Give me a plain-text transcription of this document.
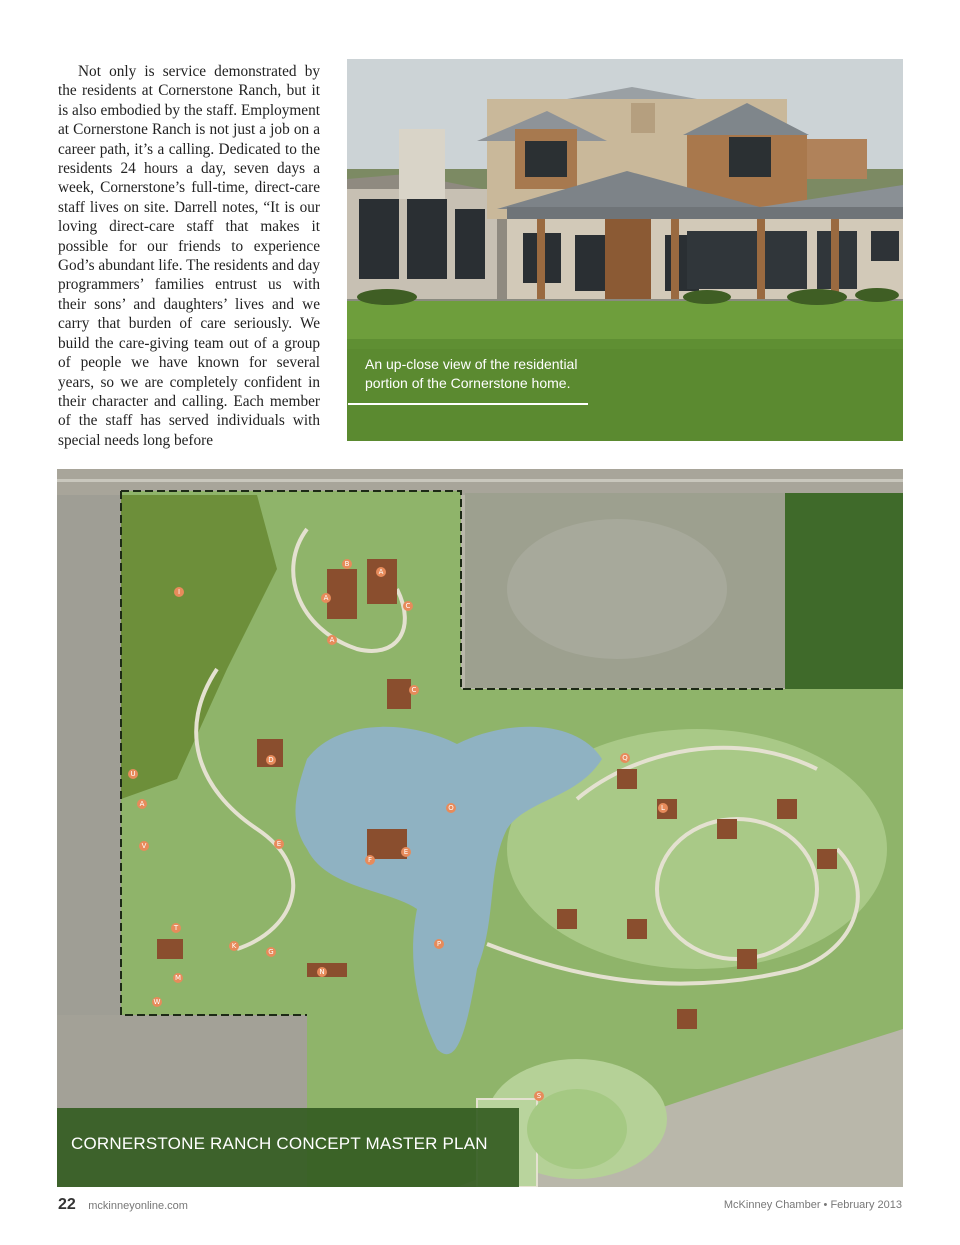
Not only is service demonstrated by the residents at Cornerstone Ranch, but it is also embodied by the staff. Employment at Cornerstone Ranch is not just a job on a career path, it’s a calling. Dedicated to the residents 24 hours a day, seven days a week, Cornerstone’s full-time, direct-care staff lives on site. Darrell notes, “It is our loving direct-care staff that makes it possible for our friends to experience God’s abundant life. The residents and day programmers’ families entrust us with their sons’ and daughters’ lives and we carry that burden of care seriously. We build the care-giving team out of a group of people we have known for several years, so we are completely confident in their character and calling. Each member of the staff has served individuals with special needs long before

An up-close view of the residential portion of the Cornerstone home.
I
B
A
A
C
C
A
D
U
A
V
O
E
F
E
P
T
K
N
G
M
W
Q
L
S
CORNERSTONE RANCH CONCEPT MASTER PLAN
22 mckinneyonline.com	McKinney Chamber • February 2013
